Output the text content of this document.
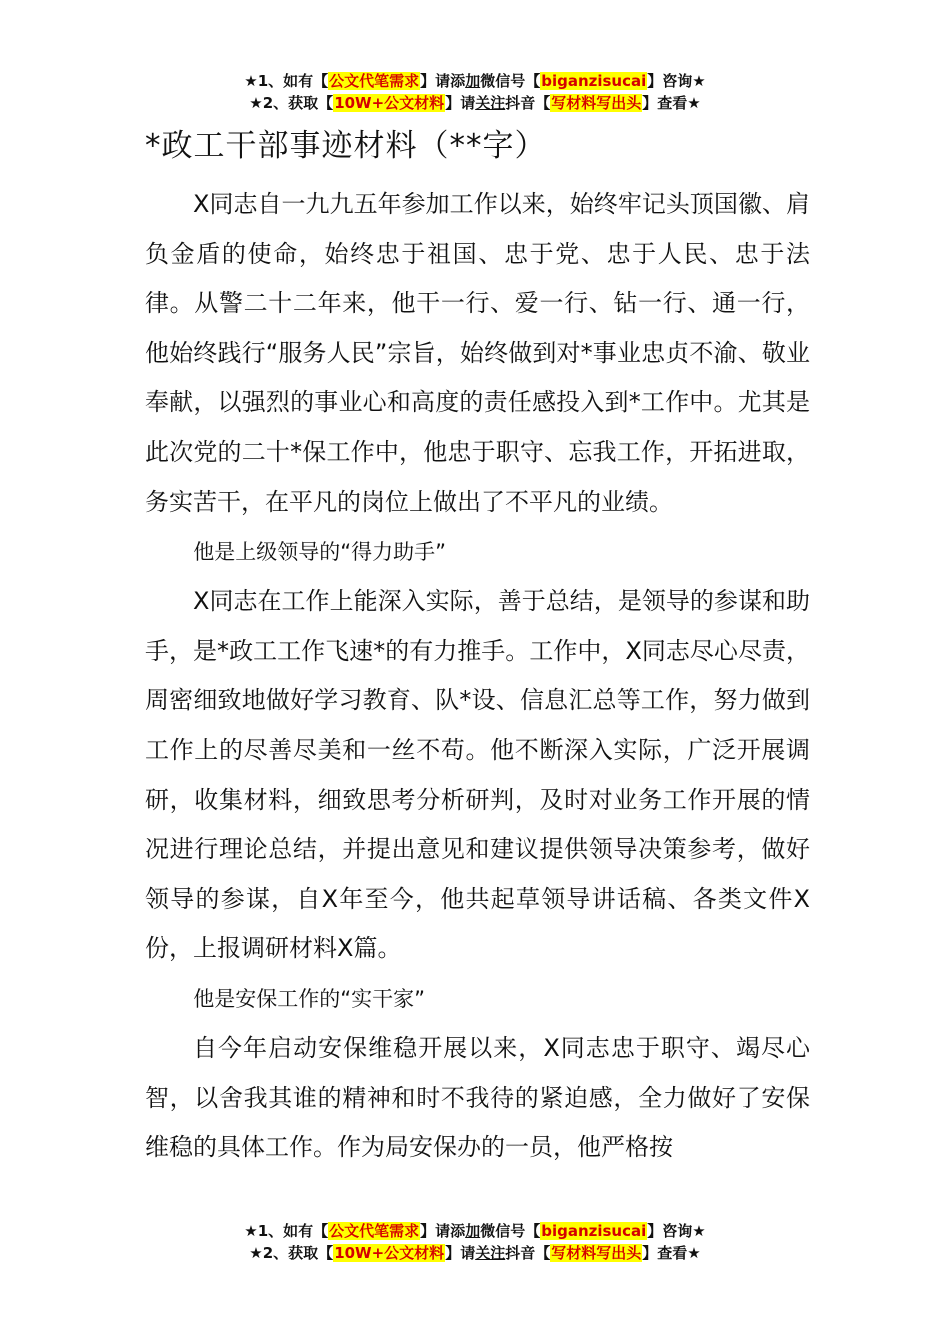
★1、如有【公文代笔需求】请添加微信号【biganzisucai】咨询★
★2、获取【10W+公文材料】请关注抖音【写材料写出头】查看★
*政工干部事迹材料（**字）

X同志自一九九五年参加工作以来，始终牢记头顶国徽、肩负金盾的使命，始终忠于祖国、忠于党、忠于人民、忠于法律。从警二十二年来，他干一行、爱一行、钻一行、通一行，他始终践行“服务人民”宗旨，始终做到对*事业忠贞不渝、敬业奉献，以强烈的事业心和高度的责任感投入到*工作中。尤其是此次党的二十*保工作中，他忠于职守、忘我工作，开拓进取，务实苦干，在平凡的岗位上做出了不平凡的业绩。

他是上级领导的“得力助手”

X同志在工作上能深入实际，善于总结，是领导的参谋和助手，是*政工工作飞速*的有力推手。工作中，X同志尽心尽责，周密细致地做好学习教育、队*设、信息汇总等工作，努力做到工作上的尽善尽美和一丝不苟。他不断深入实际，广泛开展调研，收集材料，细致思考分析研判，及时对业务工作开展的情况进行理论总结，并提出意见和建议提供领导决策参考，做好领导的参谋，自X年至今，他共起草领导讲话稿、各类文件X份，上报调研材料X篇。

他是安保工作的“实干家”

自今年启动安保维稳开展以来，X同志忠于职守、竭尽心智，以舍我其谁的精神和时不我待的紧迫感，全力做好了安保维稳的具体工作。作为局安保办的一员，他严格按

★1、如有【公文代笔需求】请添加微信号【biganzisucai】咨询★
★2、获取【10W+公文材料】请关注抖音【写材料写出头】查看★
